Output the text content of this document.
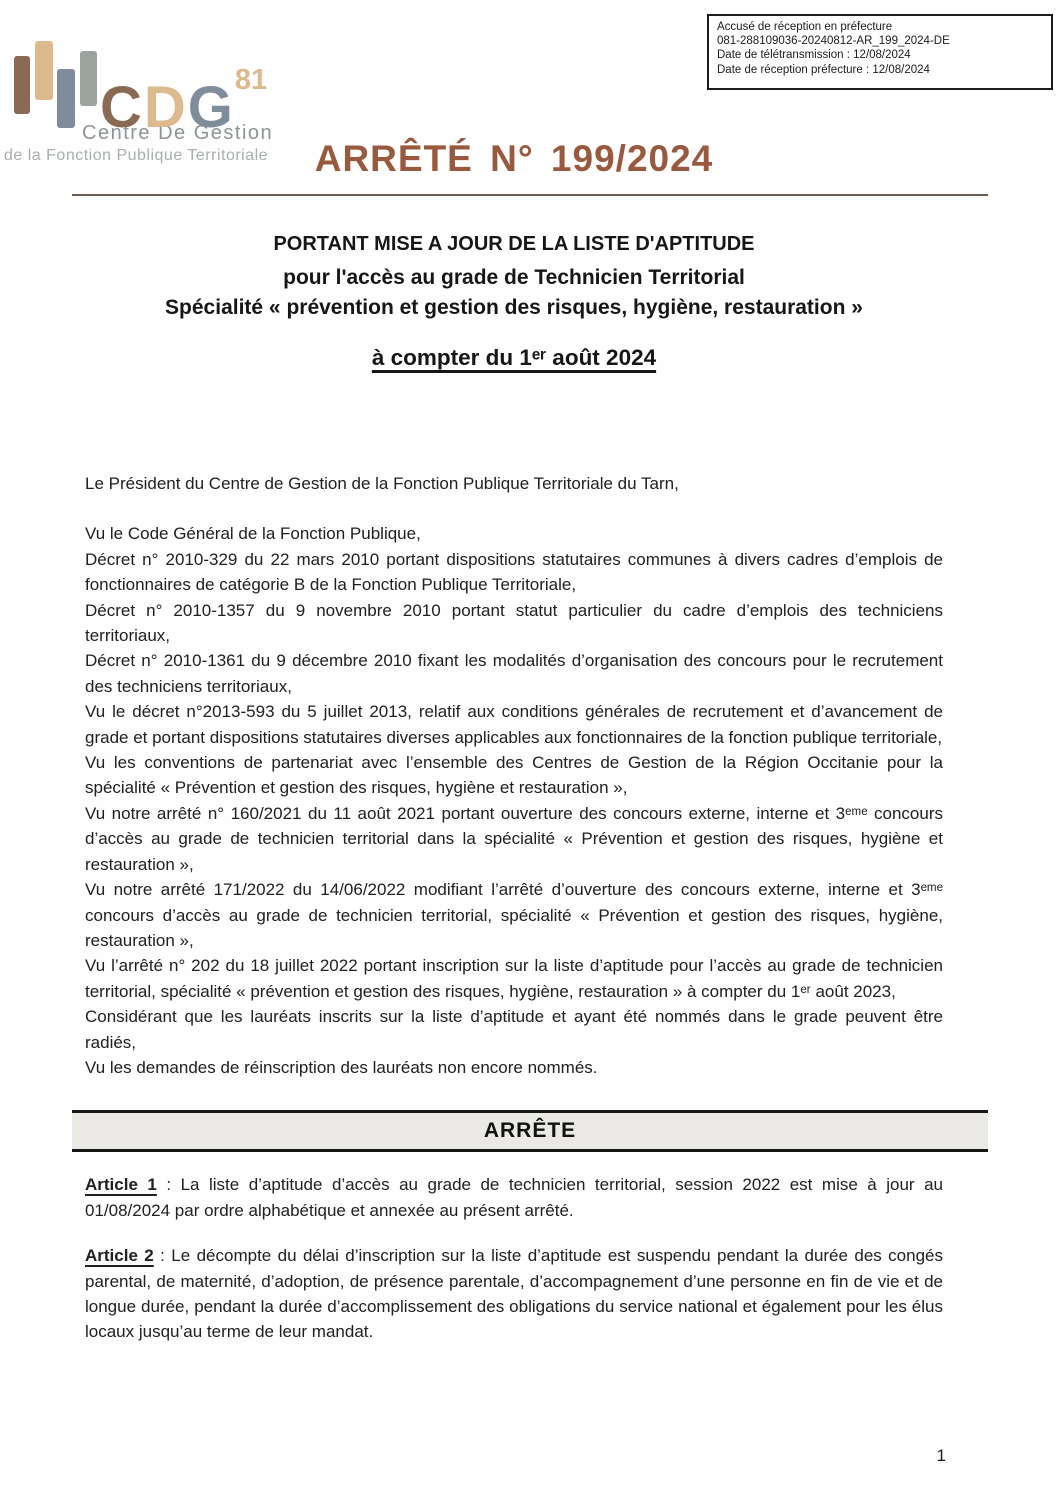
CDG$^{81}$
Centre De Gestion
de la Fonction Publique Territoriale
Accusé de réception en préfecture
081-288109036-20240812-AR_199_2024-DE
Date de télétransmission : 12/08/2024
Date de réception préfecture : 12/08/2024
ARRÊTÉ N° 199/2024
PORTANT MISE A JOUR DE LA LISTE D'APTITUDE
pour l'accès au grade de Technicien Territorial
Spécialité « prévention et gestion des risques, hygiène, restauration »
à compter du 1ᵉʳ août 2024

Le Président du Centre de Gestion de la Fonction Publique Territoriale du Tarn,

Vu le Code Général de la Fonction Publique,

Décret n° 2010-329 du 22 mars 2010 portant dispositions statutaires communes à divers cadres d’emplois de fonctionnaires de catégorie B de la Fonction Publique Territoriale,

Décret n° 2010-1357 du 9 novembre 2010 portant statut particulier du cadre d’emplois des techniciens territoriaux,

Décret n° 2010-1361 du 9 décembre 2010 fixant les modalités d’organisation des concours pour le recrutement des techniciens territoriaux,

Vu le décret n°2013-593 du 5 juillet 2013, relatif aux conditions générales de recrutement et d’avancement de grade et portant dispositions statutaires diverses applicables aux fonctionnaires de la fonction publique territoriale,

Vu les conventions de partenariat avec l’ensemble des Centres de Gestion de la Région Occitanie pour la spécialité « Prévention et gestion des risques, hygiène et restauration »,

Vu notre arrêté n° 160/2021 du 11 août 2021 portant ouverture des concours externe, interne et 3ᵉᵐᵉ concours d’accès au grade de technicien territorial dans la spécialité « Prévention et gestion des risques, hygiène et restauration »,

Vu notre arrêté 171/2022 du 14/06/2022 modifiant l’arrêté d’ouverture des concours externe, interne et 3ᵉᵐᵉ concours d’accès au grade de technicien territorial, spécialité « Prévention et gestion des risques, hygiène, restauration »,

Vu l’arrêté n° 202 du 18 juillet 2022 portant inscription sur la liste d’aptitude pour l’accès au grade de technicien territorial, spécialité « prévention et gestion des risques, hygiène, restauration » à compter du 1ᵉʳ août 2023,

Considérant que les lauréats inscrits sur la liste d’aptitude et ayant été nommés dans le grade peuvent être radiés,

Vu les demandes de réinscription des lauréats non encore nommés.

ARRÊTE

Article 1 : La liste d’aptitude d’accès au grade de technicien territorial, session 2022 est mise à jour au 01/08/2024 par ordre alphabétique et annexée au présent arrêté.

Article 2 : Le décompte du délai d’inscription sur la liste d’aptitude est suspendu pendant la durée des congés parental, de maternité, d’adoption, de présence parentale, d’accompagnement d’une personne en fin de vie et de longue durée, pendant la durée d’accomplissement des obligations du service national et également pour les élus locaux jusqu’au terme de leur mandat.

1
